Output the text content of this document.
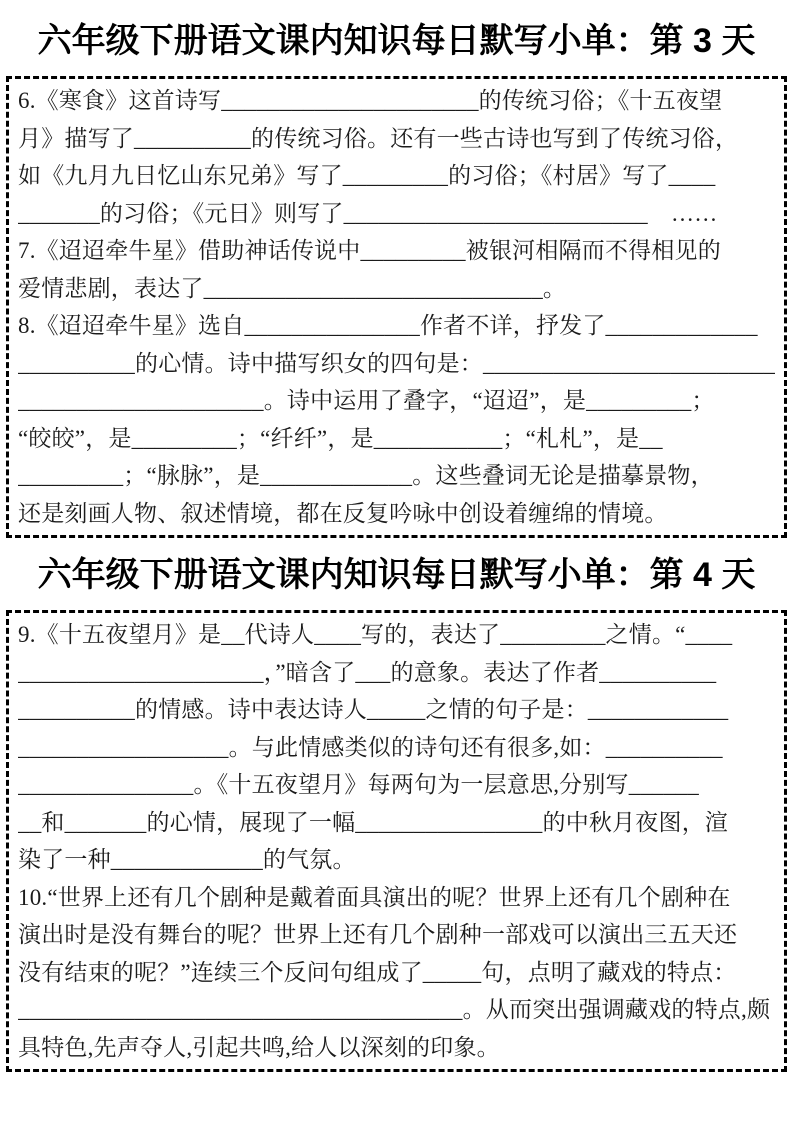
六年级下册语文课内知识每日默写小单：第 3 天
6.《寒食》这首诗写______________________的传统习俗；《十五夜望
月》描写了__________的传统习俗。还有一些古诗也写到了传统习俗，
如《九月九日忆山东兄弟》写了_________的习俗；《村居》写了____
_______的习俗；《元日》则写了__________________________　……
7.《迢迢牵牛星》借助神话传说中_________被银河相隔而不得相见的
爱情悲剧，表达了_____________________________。
8.《迢迢牵牛星》选自_______________作者不详，抒发了_____________
__________的心情。诗中描写织女的四句是：_________________________
_____________________。诗中运用了叠字，“迢迢”，是_________；
“皎皎”，是_________；“纤纤”，是___________；“札札”，是__
_________；“脉脉”，是_____________。这些叠词无论是描摹景物，
还是刻画人物、叙述情境，都在反复吟咏中创设着缠绵的情境。
六年级下册语文课内知识每日默写小单：第 4 天
9.《十五夜望月》是__代诗人____写的，表达了_________之情。“____
_____________________，”暗含了___的意象。表达了作者__________
__________的情感。诗中表达诗人_____之情的句子是：____________
__________________。与此情感类似的诗句还有很多,如：__________
_______________。《十五夜望月》每两句为一层意思,分别写______
__和_______的心情，展现了一幅________________的中秋月夜图，渲
染了一种_____________的气氛。
10.“世界上还有几个剧种是戴着面具演出的呢？世界上还有几个剧种在
演出时是没有舞台的呢？世界上还有几个剧种一部戏可以演出三五天还
没有结束的呢？”连续三个反问句组成了_____句，点明了藏戏的特点：
______________________________________。从而突出强调藏戏的特点,颇
具特色,先声夺人,引起共鸣,给人以深刻的印象。
